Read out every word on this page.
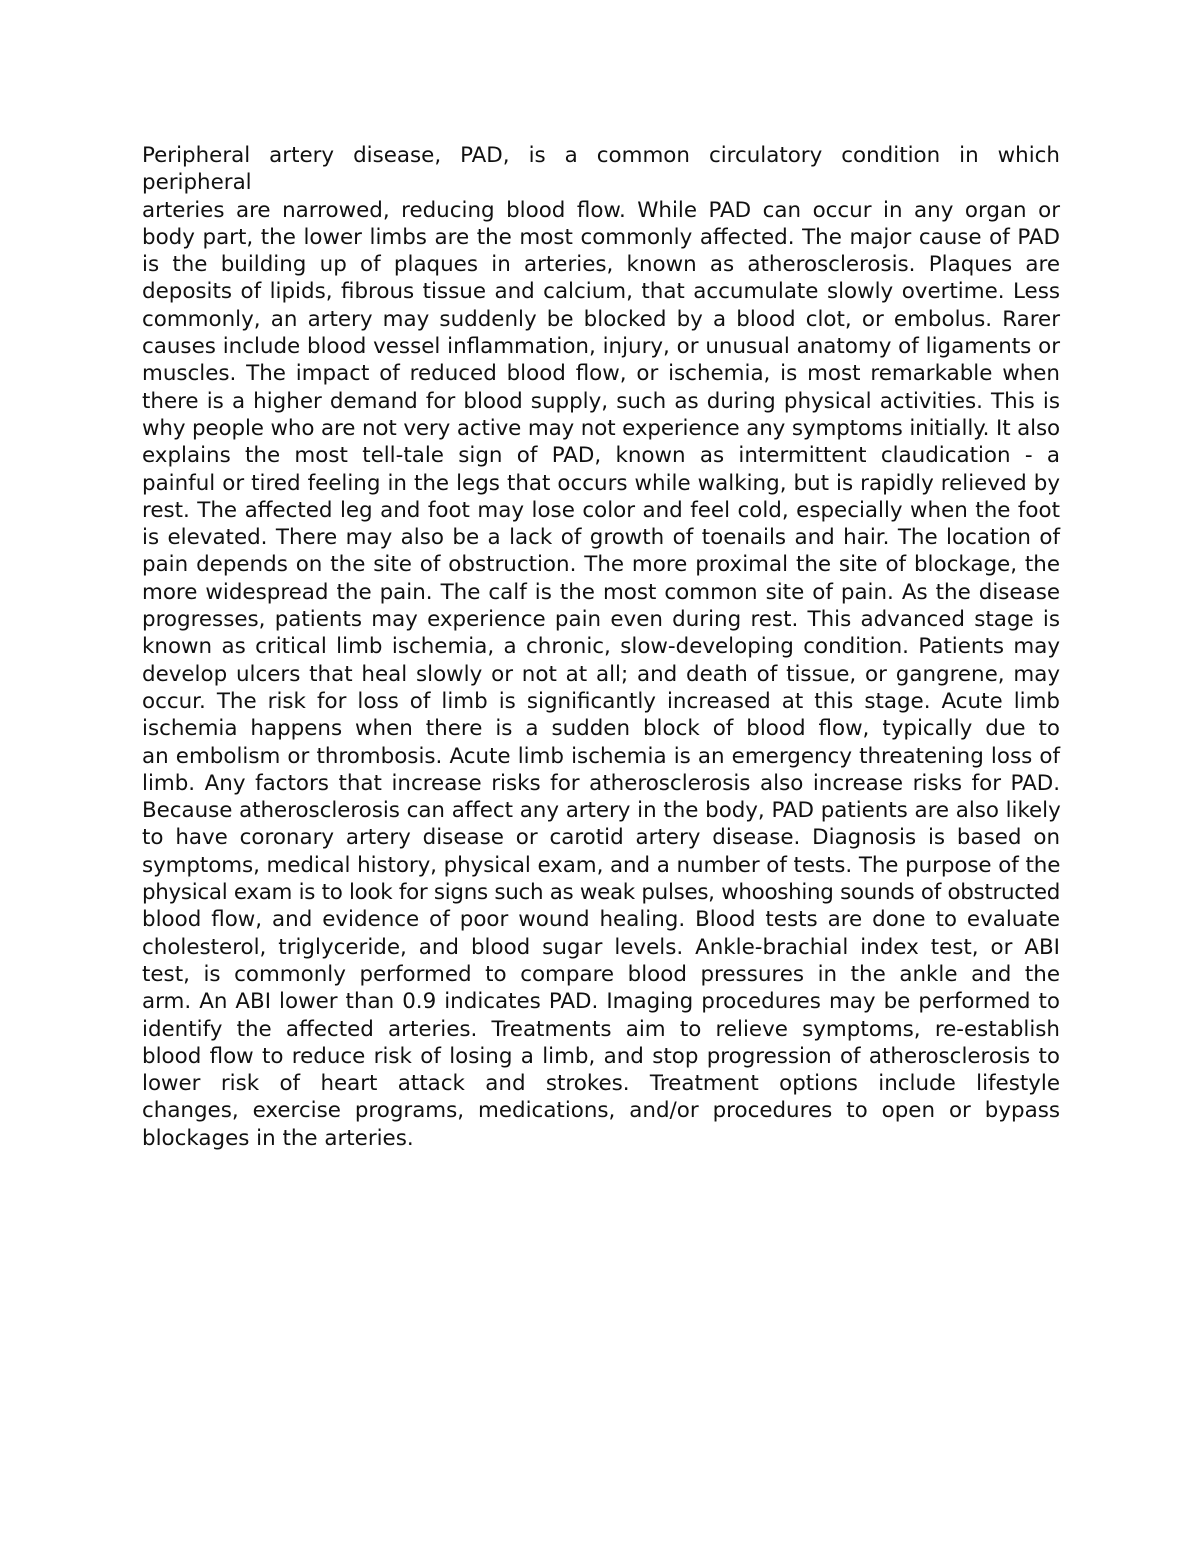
Peripheral artery disease, PAD, is a common circulatory condition in which
peripheral
arteries are narrowed, reducing blood flow. While PAD can occur in any organ or
body part, the lower limbs are the most commonly affected. The major cause of PAD
is the building up of plaques in arteries, known as atherosclerosis. Plaques are
deposits of lipids, fibrous tissue and calcium, that accumulate slowly overtime. Less
commonly, an artery may suddenly be blocked by a blood clot, or embolus. Rarer
causes include blood vessel inflammation, injury, or unusual anatomy of ligaments or
muscles. The impact of reduced blood flow, or ischemia, is most remarkable when
there is a higher demand for blood supply, such as during physical activities. This is
why people who are not very active may not experience any symptoms initially. It also
explains the most tell-tale sign of PAD, known as intermittent claudication - a
painful or tired feeling in the legs that occurs while walking, but is rapidly relieved by
rest. The affected leg and foot may lose color and feel cold, especially when the foot
is elevated. There may also be a lack of growth of toenails and hair. The location of
pain depends on the site of obstruction. The more proximal the site of blockage, the
more widespread the pain. The calf is the most common site of pain. As the disease
progresses, patients may experience pain even during rest. This advanced stage is
known as critical limb ischemia, a chronic, slow-developing condition. Patients may
develop ulcers that heal slowly or not at all; and death of tissue, or gangrene, may
occur. The risk for loss of limb is significantly increased at this stage. Acute limb
ischemia happens when there is a sudden block of blood flow, typically due to
an embolism or thrombosis. Acute limb ischemia is an emergency threatening loss of
limb. Any factors that increase risks for atherosclerosis also increase risks for PAD.
Because atherosclerosis can affect any artery in the body, PAD patients are also likely
to have coronary artery disease or carotid artery disease. Diagnosis is based on
symptoms, medical history, physical exam, and a number of tests. The purpose of the
physical exam is to look for signs such as weak pulses, whooshing sounds of obstructed
blood flow, and evidence of poor wound healing. Blood tests are done to evaluate
cholesterol, triglyceride, and blood sugar levels. Ankle-brachial index test, or ABI
test, is commonly performed to compare blood pressures in the ankle and the
arm. An ABI lower than 0.9 indicates PAD. Imaging procedures may be performed to
identify the affected arteries. Treatments aim to relieve symptoms, re-establish
blood flow to reduce risk of losing a limb, and stop progression of atherosclerosis to
lower risk of heart attack and strokes. Treatment options include lifestyle
changes, exercise programs, medications, and/or procedures to open or bypass
blockages in the arteries.
